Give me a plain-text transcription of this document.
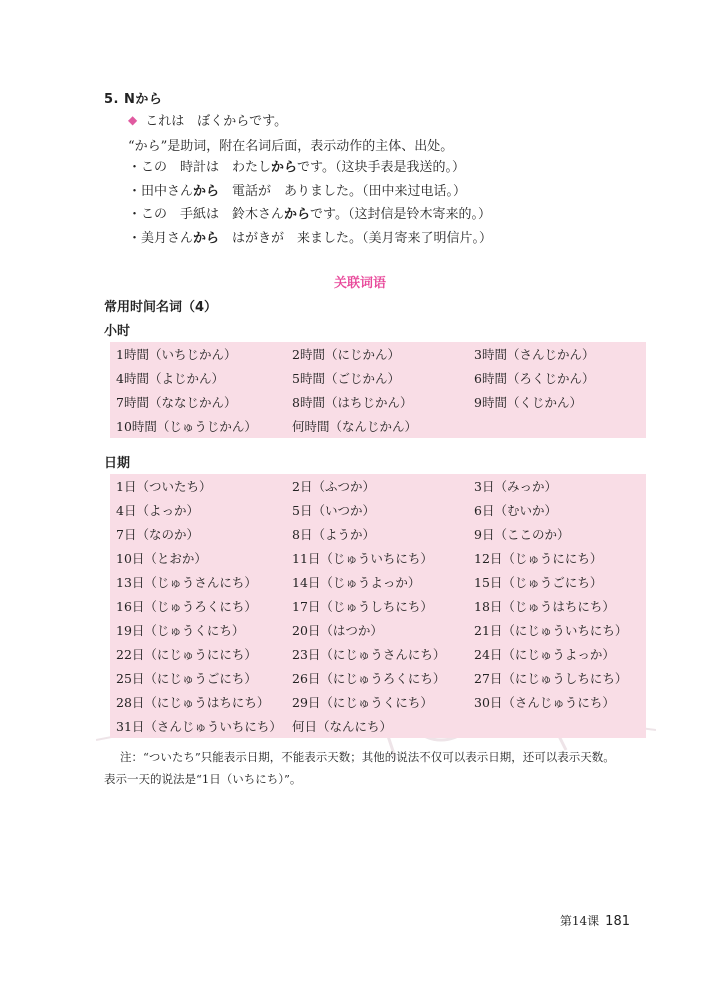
5. Nから
◆ これは　ぼくからです。
“から”是助词，附在名词后面，表示动作的主体、出处。
・この　時計は　わたしからです。（这块手表是我送的。）
・田中さんから　電話が　ありました。（田中来过电话。）
・この　手紙は　鈴木さんからです。（这封信是铃木寄来的。）
・美月さんから　はがきが　来ました。（美月寄来了明信片。）
关联词语
常用时间名词（4）
小时
1時間（いちじかん）	2時間（にじかん）	3時間（さんじかん）
4時間（よじかん）	5時間（ごじかん）	6時間（ろくじかん）
7時間（ななじかん）	8時間（はちじかん）	9時間（くじかん）
10時間（じゅうじかん）	何時間（なんじかん）
日期
1日（ついたち）	2日（ふつか）	3日（みっか）
4日（よっか）	5日（いつか）	6日（むいか）
7日（なのか）	8日（ようか）	9日（ここのか）
10日（とおか）	11日（じゅういちにち）	12日（じゅうににち）
13日（じゅうさんにち）	14日（じゅうよっか）	15日（じゅうごにち）
16日（じゅうろくにち）	17日（じゅうしちにち）	18日（じゅうはちにち）
19日（じゅうくにち）	20日（はつか）	21日（にじゅういちにち）
22日（にじゅうににち）	23日（にじゅうさんにち）	24日（にじゅうよっか）
25日（にじゅうごにち）	26日（にじゅうろくにち）	27日（にじゅうしちにち）
28日（にじゅうはちにち）	29日（にじゅうくにち）	30日（さんじゅうにち）
31日（さんじゅういちにち） 何日（なんにち）
注：“ついたち”只能表示日期，不能表示天数；其他的说法不仅可以表示日期，还可以表示天数。
表示一天的说法是“1日（いちにち）”。
第14课 181
